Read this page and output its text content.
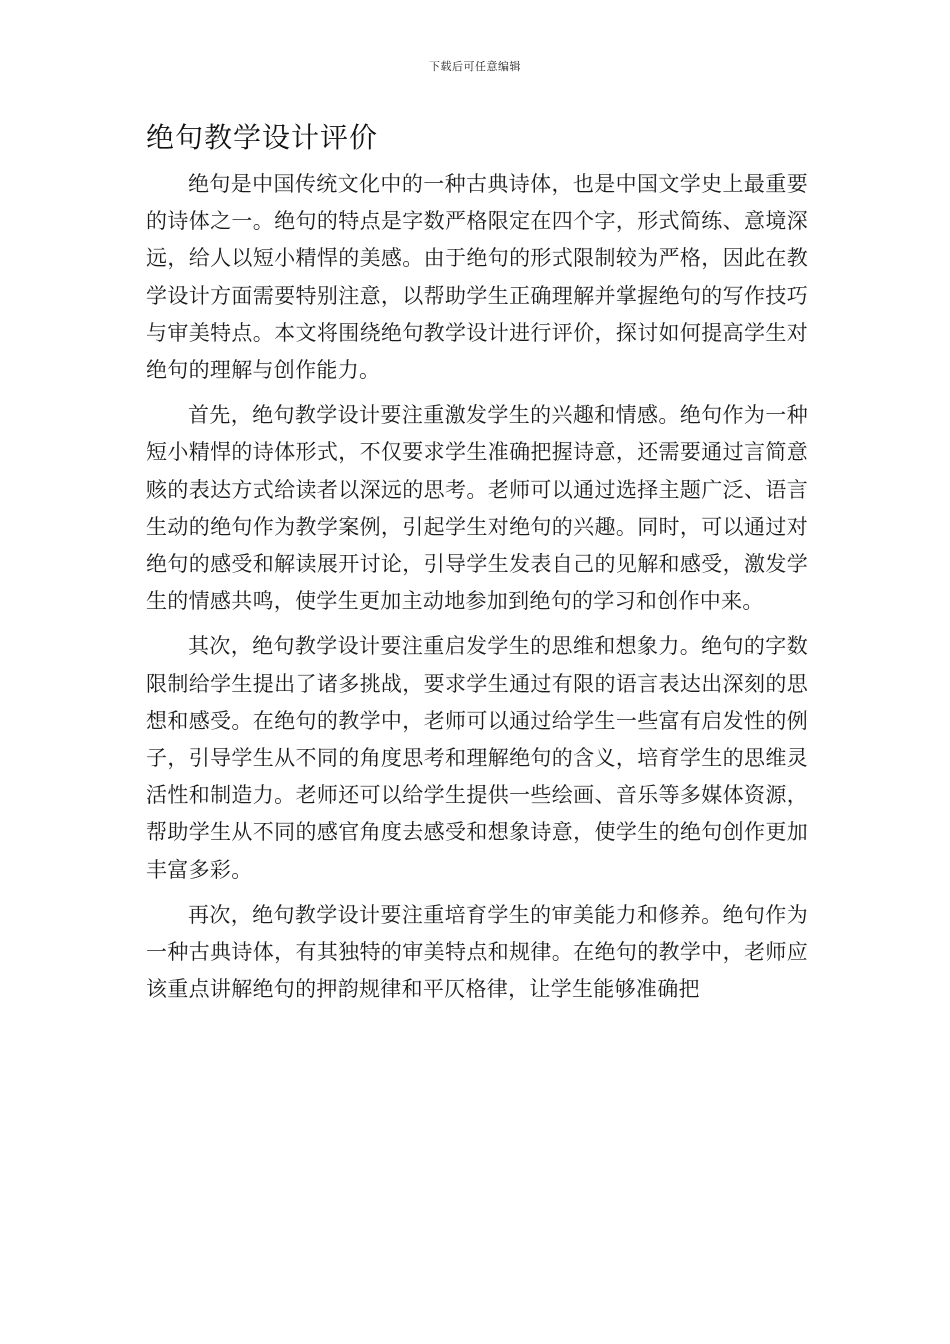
下载后可任意编辑
绝句教学设计评价

绝句是中国传统文化中的一种古典诗体，也是中国文学史上最重要的诗体之一。绝句的特点是字数严格限定在四个字，形式简练、意境深远，给人以短小精悍的美感。由于绝句的形式限制较为严格，因此在教学设计方面需要特别注意，以帮助学生正确理解并掌握绝句的写作技巧与审美特点。本文将围绕绝句教学设计进行评价，探讨如何提高学生对绝句的理解与创作能力。

首先，绝句教学设计要注重激发学生的兴趣和情感。绝句作为一种短小精悍的诗体形式，不仅要求学生准确把握诗意，还需要通过言简意赅的表达方式给读者以深远的思考。老师可以通过选择主题广泛、语言生动的绝句作为教学案例，引起学生对绝句的兴趣。同时，可以通过对绝句的感受和解读展开讨论，引导学生发表自己的见解和感受，激发学生的情感共鸣，使学生更加主动地参加到绝句的学习和创作中来。

其次，绝句教学设计要注重启发学生的思维和想象力。绝句的字数限制给学生提出了诸多挑战，要求学生通过有限的语言表达出深刻的思想和感受。在绝句的教学中，老师可以通过给学生一些富有启发性的例子，引导学生从不同的角度思考和理解绝句的含义，培育学生的思维灵活性和制造力。老师还可以给学生提供一些绘画、音乐等多媒体资源，帮助学生从不同的感官角度去感受和想象诗意，使学生的绝句创作更加丰富多彩。

再次，绝句教学设计要注重培育学生的审美能力和修养。绝句作为一种古典诗体，有其独特的审美特点和规律。在绝句的教学中，老师应该重点讲解绝句的押韵规律和平仄格律，让学生能够准确把
